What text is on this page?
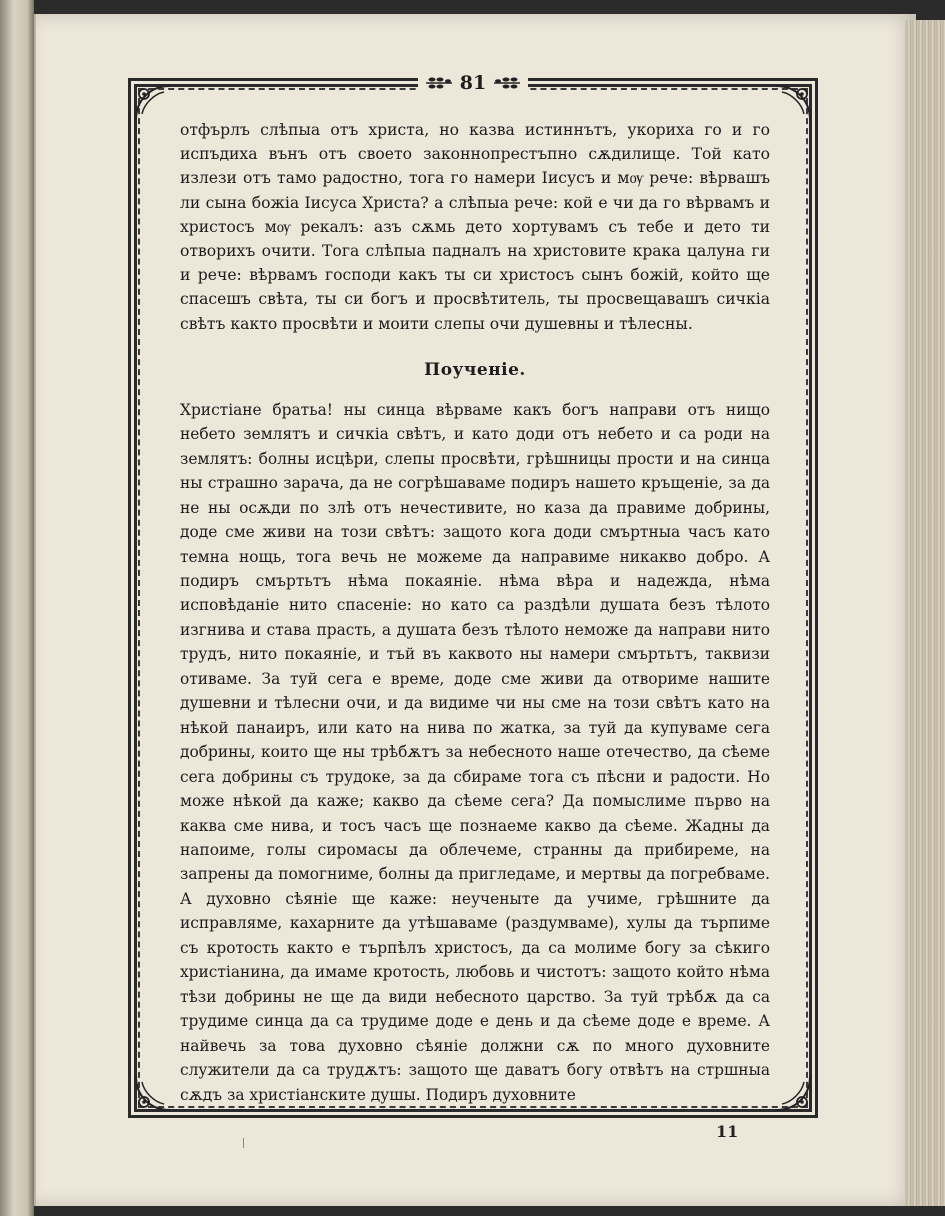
81

отфърлъ слѣпыа отъ христа, но казва истиннътъ, укориха го и го испъдиха вънъ отъ своето законнопрестъпно сѫдилище. Той като излези отъ тамо радостно, тога го намери Iисусъ и мѹ рече: вѣрвашъ ли сына божіа Iисуса Христа? а слѣпыа рече: кой е чи да го вѣрвамъ и христосъ мѹ рекалъ: азъ сѫмь дето хортувамъ съ тебе и дето ти отворихъ очити. Тога слѣпыа падналъ на христовите крака цалуна ги и рече: вѣрвамъ господи какъ ты си христосъ сынъ божій, който ще спасешъ свѣта, ты си богъ и просвѣтитель, ты просвещавашъ сичкіа свѣтъ както просвѣти и моити слепы очи душевны и тѣлесны.

Поученіе.

Христіане братьа! ны синца вѣрваме какъ богъ направи отъ нищо небето землятъ и сичкіа свѣтъ, и като доди отъ небето и са роди на землятъ: болны исцѣри, слепы просвѣти, грѣшницы прости и на синца ны страшно зарача, да не согрѣшаваме подиръ нашето кръщеніе, за да не ны осѫди по злѣ отъ нечестивите, но каза да правиме добрины, доде сме живи на този свѣтъ: защото кога доди смъртныа часъ като темна нощь, тога вечь не можеме да направиме никакво добро. А подиръ смъртьтъ нѣма покаяніе. нѣма вѣра и надежда, нѣма исповѣданіе нито спасеніе: но като са раздѣли душата безъ тѣлото изгнива и става прасть, а душата безъ тѣлото неможе да направи нито трудъ, нито покаяніе, и тъй въ каквото ны намери смъртьтъ, таквизи отиваме. За туй сега е време, доде сме живи да отвориме нашите душевни и тѣлесни очи, и да видиме чи ны сме на този свѣтъ като на нѣкой панаиръ, или като на нива по жатка, за туй да купуваме сега добрины, които ще ны трѣбѫтъ за небесното наше отечество, да сѣеме сега добрины съ трудоке, за да сбираме тога съ пѣсни и радости. Но може нѣкой да каже; какво да сѣеме сега? Да помыслиме първо на каква сме нива, и тосъ часъ ще познаеме какво да сѣеме. Жадны да напоиме, голы сиромасы да облечеме, странны да прибиреме, на запрены да помогниме, болны да пригледаме, и мертвы да погребваме. А духовно сѣяніе ще каже: неученыте да учиме, грѣшните да исправляме, кахарните да утѣшаваме (раздумваме), хулы да търпиме съ кротость както е търпѣлъ христосъ, да са молиме богу за сѣкиго христіанина, да имаме кротость, любовь и чистотъ: защото който нѣма тѣзи добрины не ще да види небесното царство. За туй трѣбѫ да са трудиме синца да са трудиме доде е день и да сѣеме доде е време. А найвечь за това духовно сѣяніе должни сѫ по много духовните служители да са трудѫтъ: защото ще даватъ богу отвѣтъ на стршныа сѫдъ за христіанските душы. Подиръ духовните

11
